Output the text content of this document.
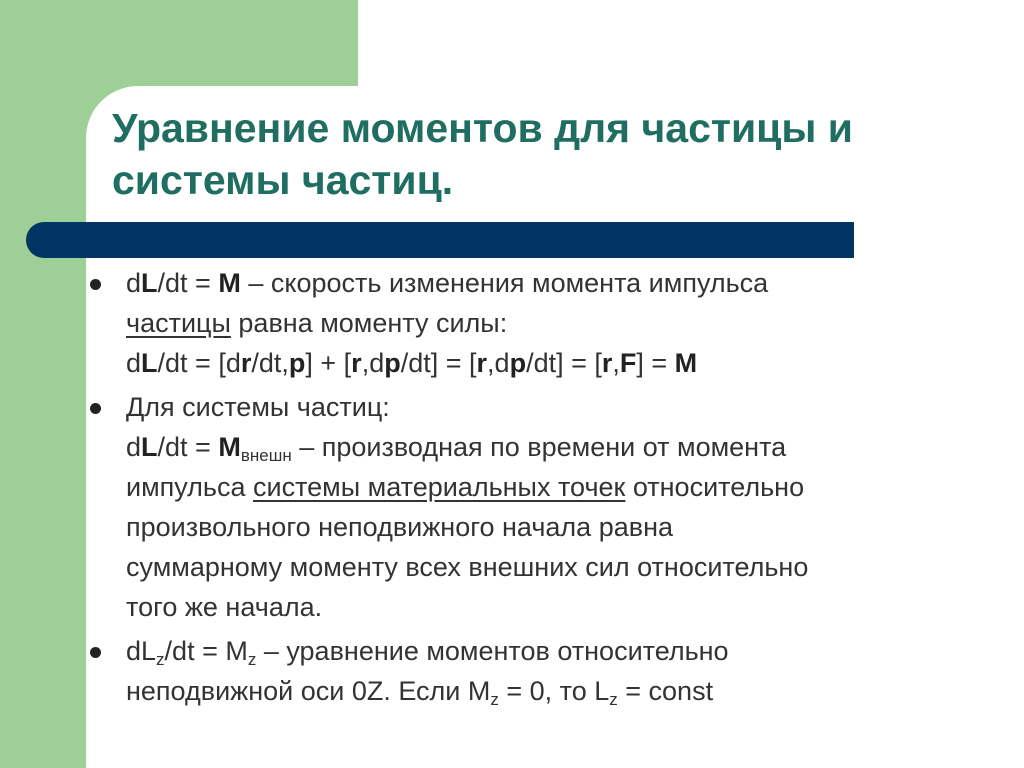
Уравнение моментов для частицы и
системы частиц.
dL/dt = M – скорость изменения момента импульса
частицы равна моменту силы:
dL/dt = [dr/dt,p] + [r,dp/dt] = [r,dp/dt] = [r,F] = M
Для системы частиц:
$dL/dt = M_{внешн}$ – производная по времени от момента
импульса системы материальных точек относительно
произвольного неподвижного начала равна
суммарному моменту всех внешних сил относительно
того же начала.
$dL_z/dt = M_z$ – уравнение моментов относительно
неподвижной оси 0Z. Если $M_z = 0$, то $L_z$ = const
